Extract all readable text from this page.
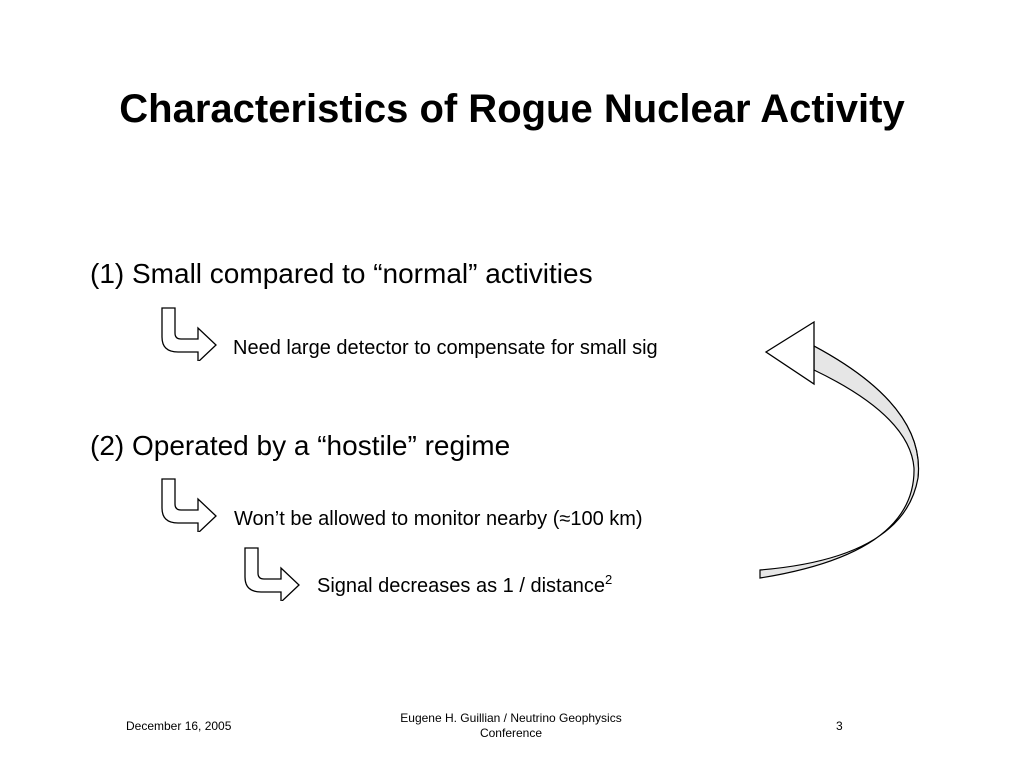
Characteristics of Rogue Nuclear Activity
(1) Small compared to “normal” activities
Need large detector to compensate for small sig
(2) Operated by a “hostile” regime
Won’t be allowed to monitor nearby (≈100 km)
Signal decreases as 1 / distance$^2$
December 16, 2005
Eugene H. Guillian / Neutrino Geophysics
Conference	3
